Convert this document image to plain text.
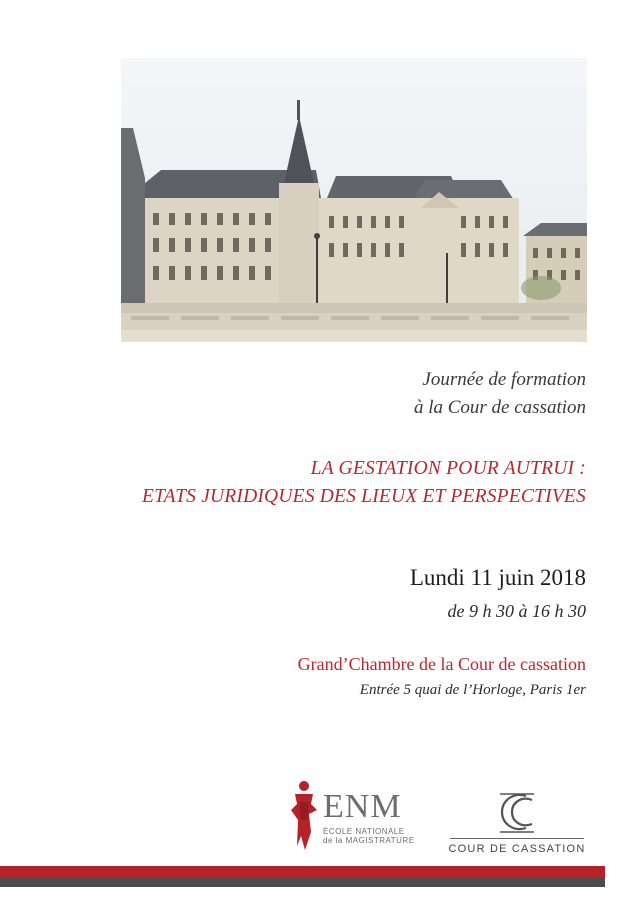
Journée de formation
à la Cour de cassation
LA GESTATION POUR AUTRUI :
ETATS JURIDIQUES DES LIEUX ET PERSPECTIVES
Lundi 11 juin 2018
de 9 h 30 à 16 h 30
Grand’Chambre de la Cour de cassation
Entrée 5 quai de l’Horloge, Paris 1er
ENM
ÉCOLE NATIONALE
de la MAGISTRATURE
COUR DE CASSATION
